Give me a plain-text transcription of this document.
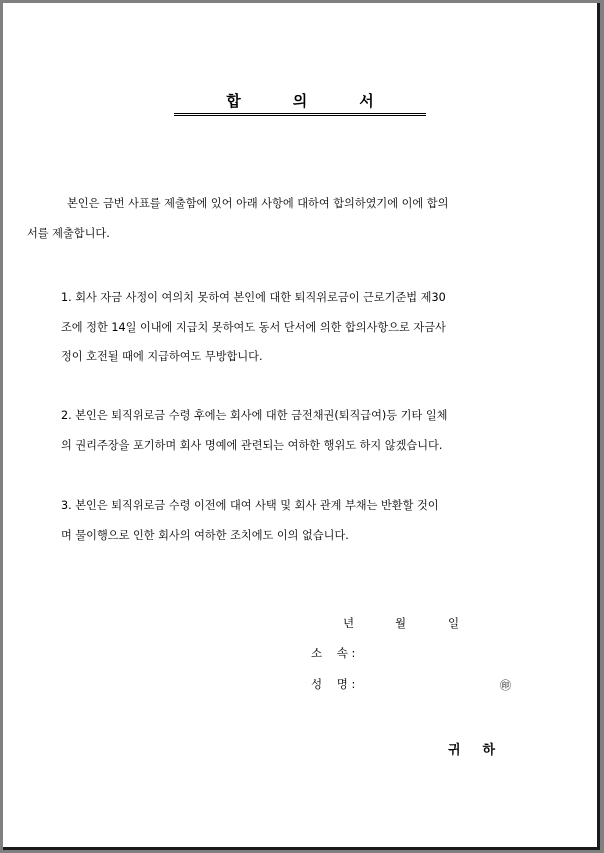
합의서
본인은 금번 사표를 제출함에 있어 아래 사항에 대하여 합의하였기에 이에 합의
서를 제출합니다.
1. 회사 자금 사정이 여의치 못하여 본인에 대한 퇴직위로금이 근로기준법 제30
조에 정한 14일 이내에 지급치 못하여도 동서 단서에 의한 합의사항으로 자금사
정이 호전될 때에 지급하여도 무방합니다.
2. 본인은 퇴직위로금 수령 후에는 회사에 대한 금전채권(퇴직급여)등 기타 일체
의 권리주장을 포기하며 회사 명예에 관련되는 여하한 행위도 하지 않겠습니다.
3. 본인은 퇴직위로금 수령 이전에 대여 사택 및 회사 관계 부채는 반환할 것이
며 물이행으로 인한 회사의 여하한 조치에도 이의 없습니다.
년	월	일
소    속 :
성    명 :	㊞
귀하
